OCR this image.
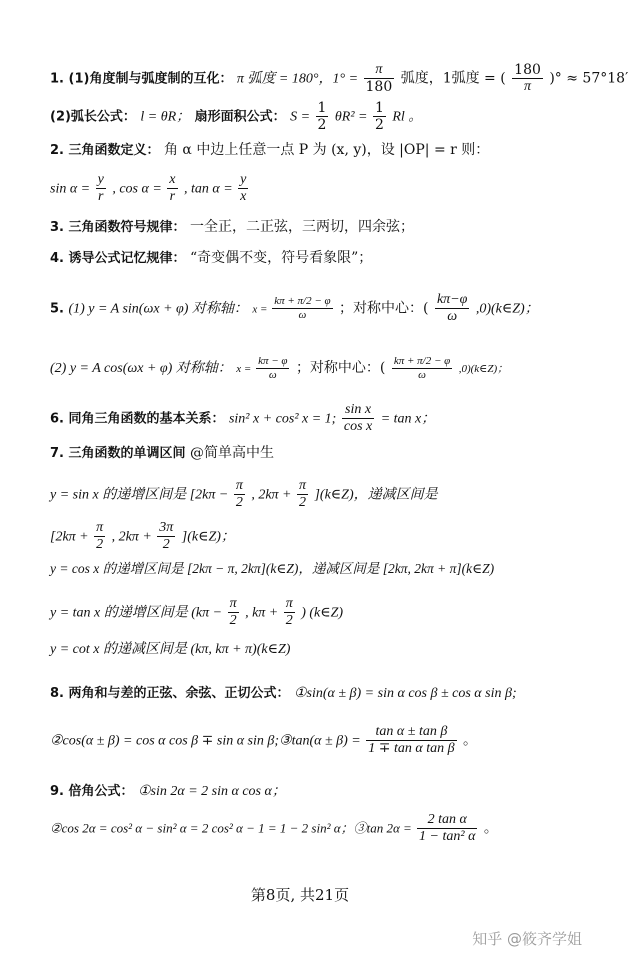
1. (1)角度制与弧度制的互化： π 弧度 = 180°，$1^\circ = \frac{\pi}{180}$ 弧度，1弧度 = ( $\frac{180}{\pi}$ )° ≈ 57°18′
(2)弧长公式： l = θR； 扇形面积公式： $S = \frac{1}{2} \theta R^2 = \frac{1}{2}$ Rl 。
2. 三角函数定义： 角 α 中边上任意一点 P 为 (x, y)，设 |OP| = r 则：
$\sin \alpha = \frac{y}{r}$ , $\cos \alpha = \frac{x}{r}$ , $\tan \alpha = \frac{y}{x}$
3. 三角函数符号规律： 一全正，二正弦，三两切，四余弦；
4. 诱导公式记忆规律： “奇变偶不变，符号看象限”；
5. (1) y = A sin(ωx + φ) 对称轴： $x = \frac{k\pi + \pi/2 - \varphi}{\omega}$ ；对称中心：( $\frac{k\pi-\varphi}{\omega}$ ,0)(k∈Z)；
(2) y = A cos(ωx + φ) 对称轴： $x = \frac{k\pi - \varphi}{\omega}$ ；对称中心：( $\frac{k\pi + \pi/2 - \varphi}{\omega}$ ,0)(k∈Z)；
6. 同角三角函数的基本关系： sin² x + cos² x = 1; $\frac{\text{sin x}}{\text{cos x}} = \tan x$；
7. 三角函数的单调区间 @简单高中生
y = sin x 的递增区间是 [$2k\pi - \frac{\pi}{2}$ , $2k\pi + \frac{\pi}{2}$ ](k∈Z)，递减区间是
[$2k\pi + \frac{\pi}{2}$ , $2k\pi + \frac{3\pi}{2}$ ](k∈Z)；
y = cos x 的递增区间是 [2kπ − π, 2kπ](k∈Z)，递减区间是 [2kπ, 2kπ + π](k∈Z)
y = tan x 的递增区间是 ($k\pi - \frac{\pi}{2}$ , $k\pi + \frac{\pi}{2}$ ) (k∈Z)
y = cot x 的递减区间是 (kπ, kπ + π)(k∈Z)
8. 两角和与差的正弦、余弦、正切公式： ①sin(α ± β) = sin α cos β ± cos α sin β;
②cos(α ± β) = cos α cos β ∓ sin α sin β;③tan(α ± $\beta) = \frac{\text{tan α ± tan β}}{\text{1 ∓ tan α tan β}}$ 。
9. 倍角公式： ①sin 2α = 2 sin α cos α；
②cos 2α = cos² α − sin² α = 2 cos² α − 1 = 1 − 2 sin² α；③tan $2\alpha = \frac{\text{2 tan α}}{\text{1 − tan² α}}$ 。
第8页, 共21页
知乎 @筱齐学姐
